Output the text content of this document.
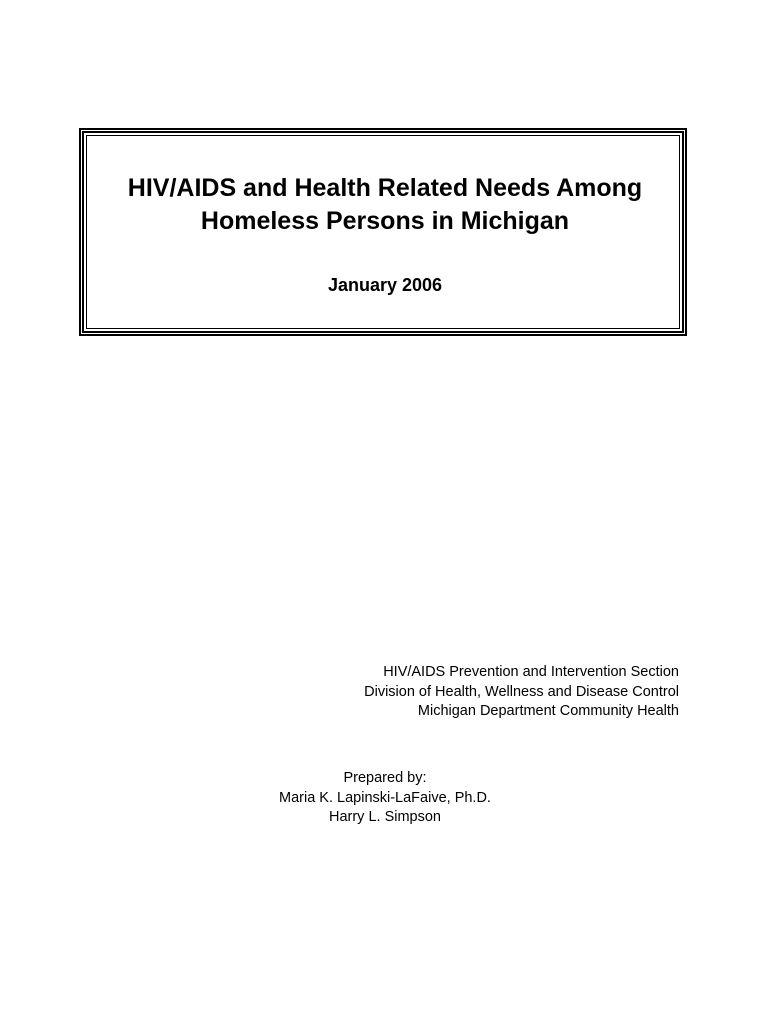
HIV/AIDS and Health Related Needs Among
Homeless Persons in Michigan
January 2006
HIV/AIDS Prevention and Intervention Section
Division of Health, Wellness and Disease Control
Michigan Department Community Health
Prepared by:
Maria K. Lapinski-LaFaive, Ph.D.
Harry L. Simpson
